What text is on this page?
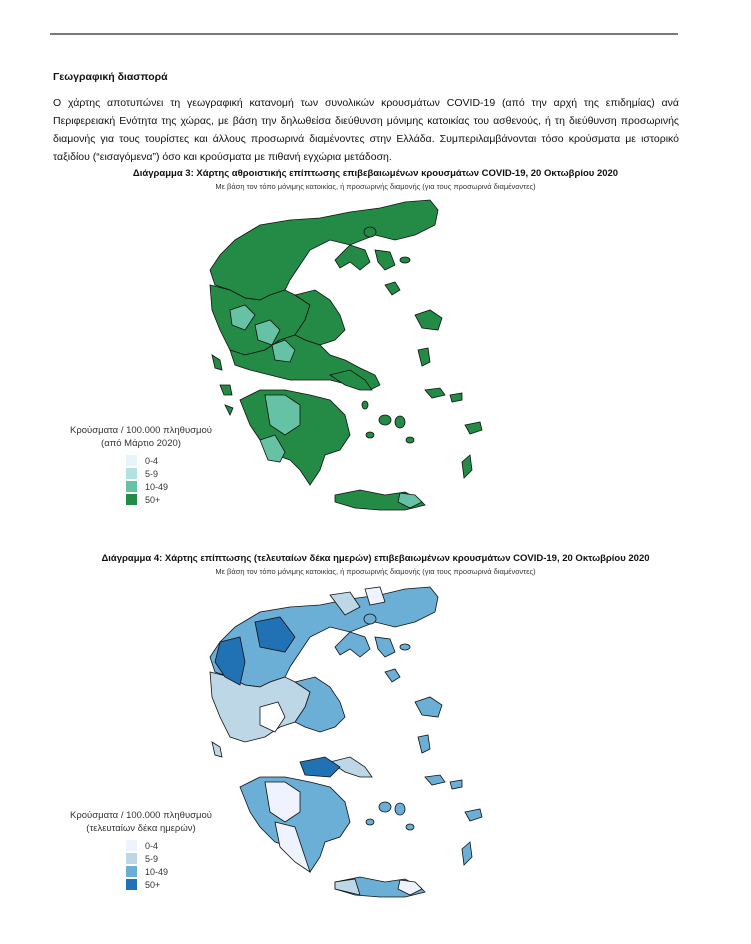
Γεωγραφική διασπορά
Ο χάρτης αποτυπώνει τη γεωγραφική κατανομή των συνολικών κρουσμάτων COVID-19 (από την αρχή της επιδημίας) ανά Περιφερειακή Ενότητα της χώρας, με βάση την δηλωθείσα διεύθυνση μόνιμης κατοικίας του ασθενούς, ή τη διεύθυνση προσωρινής διαμονής για τους τουρίστες και άλλους προσωρινά διαμένοντες στην Ελλάδα. Συμπεριλαμβάνονται τόσο κρούσματα με ιστορικό ταξιδίου (“εισαγόμενα”) όσο και κρούσματα με πιθανή εγχώρια μετάδοση.
Διάγραμμα 3: Χάρτης αθροιστικής επίπτωσης επιβεβαιωμένων κρουσμάτων COVID-19, 20 Οκτωβρίου 2020
Με βάση τον τόπο μόνιμης κατοικίας, ή προσωρινής διαμονής (για τους προσωρινά διαμένοντες)
Κρούσματα / 100.000 πληθυσμού
(από Μάρτιο 2020)
0-4
5-9
10-49
50+
Διάγραμμα 4: Χάρτης επίπτωσης (τελευταίων δέκα ημερών) επιβεβαιωμένων κρουσμάτων COVID-19, 20 Οκτωβρίου 2020
Με βάση τον τόπο μόνιμης κατοικίας, ή προσωρινής διαμονής (για τους προσωρινά διαμένοντες)
Κρούσματα / 100.000 πληθυσμού
(τελευταίων δέκα ημερών)
0-4
5-9
10-49
50+
